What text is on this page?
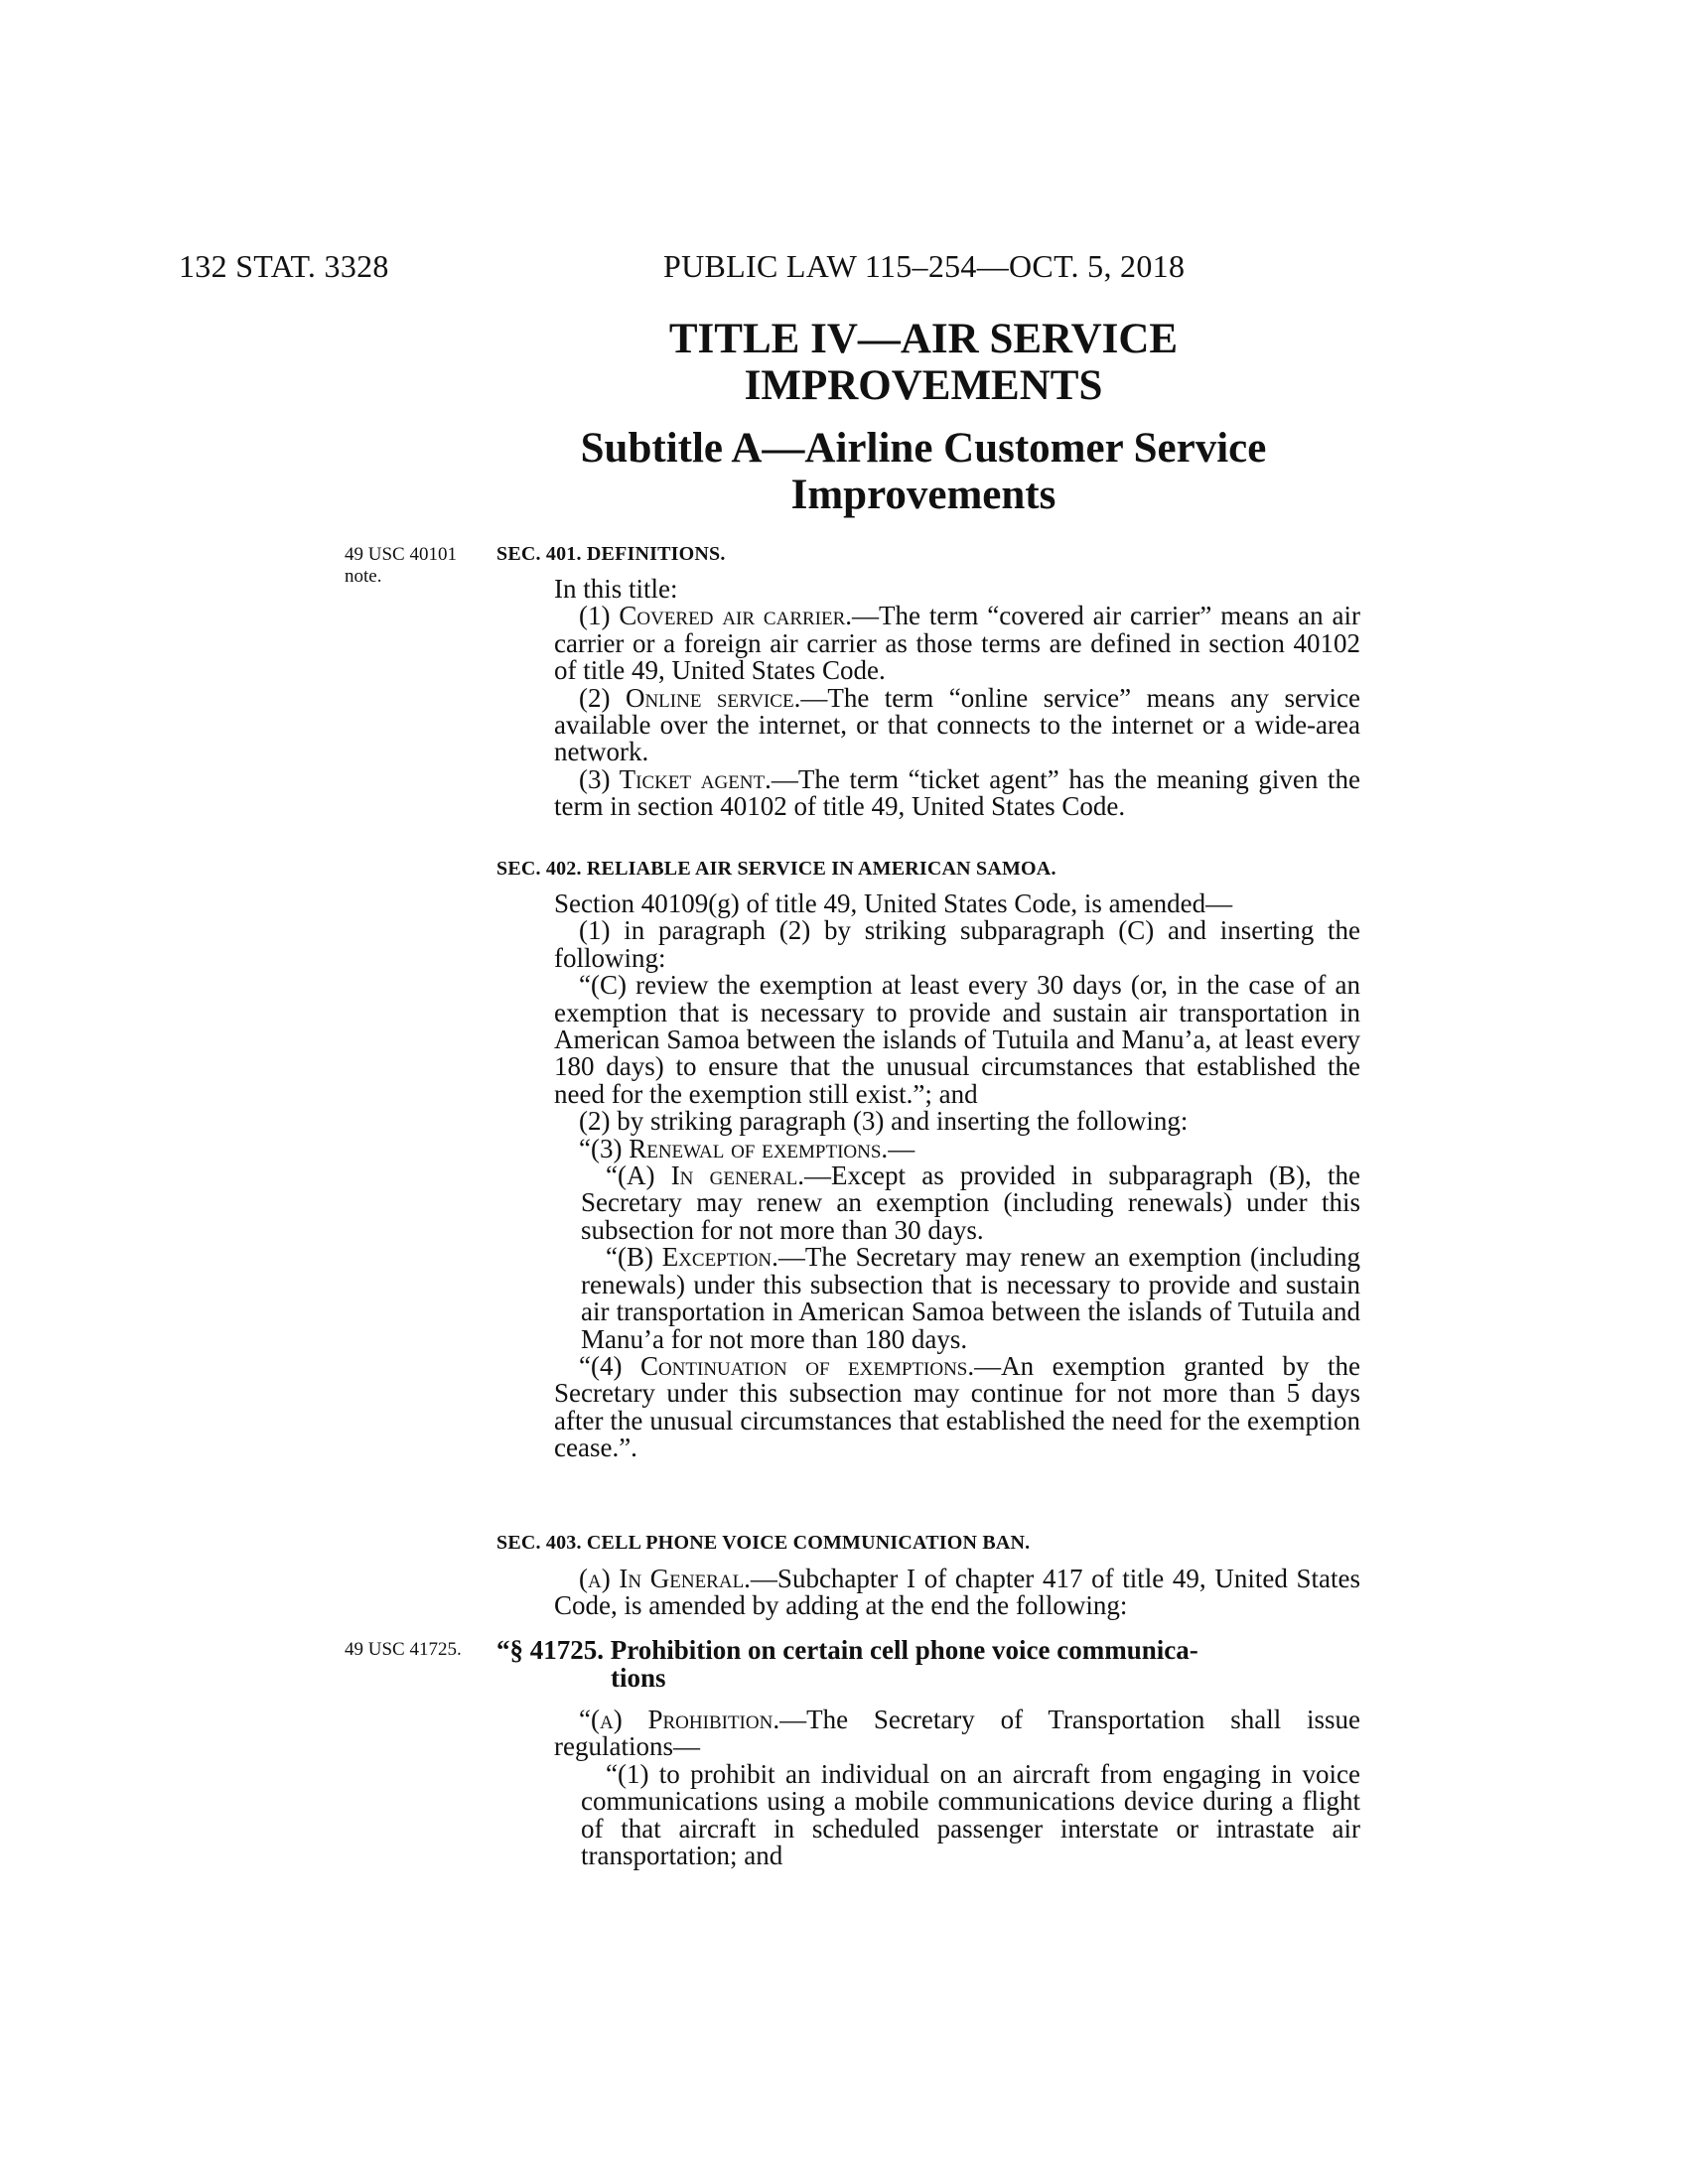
132 STAT. 3328	PUBLIC LAW 115–254—OCT. 5, 2018
TITLE IV—AIR SERVICE
IMPROVEMENTS
Subtitle A—Airline Customer Service
Improvements
49 USC 40101
note.
49 USC 41725.
SEC. 401. DEFINITIONS.

In this title:

(1) Covered air carrier.—The term “covered air carrier” means an air carrier or a foreign air carrier as those terms are defined in section 40102 of title 49, United States Code.

(2) Online service.—The term “online service” means any service available over the internet, or that connects to the internet or a wide-area network.

(3) Ticket agent.—The term “ticket agent” has the meaning given the term in section 40102 of title 49, United States Code.

SEC. 402. RELIABLE AIR SERVICE IN AMERICAN SAMOA.

Section 40109(g) of title 49, United States Code, is amended—

(1) in paragraph (2) by striking subparagraph (C) and inserting the following:

“(C) review the exemption at least every 30 days (or, in the case of an exemption that is necessary to provide and sustain air transportation in American Samoa between the islands of Tutuila and Manu’a, at least every 180 days) to ensure that the unusual circumstances that established the need for the exemption still exist.”; and

(2) by striking paragraph (3) and inserting the following:

“(3) Renewal of exemptions.—

“(A) In general.—Except as provided in subparagraph (B), the Secretary may renew an exemption (including renewals) under this subsection for not more than 30 days.

“(B) Exception.—The Secretary may renew an exemption (including renewals) under this subsection that is necessary to provide and sustain air transportation in American Samoa between the islands of Tutuila and Manu’a for not more than 180 days.

“(4) Continuation of exemptions.—An exemption granted by the Secretary under this subsection may continue for not more than 5 days after the unusual circumstances that established the need for the exemption cease.”.

SEC. 403. CELL PHONE VOICE COMMUNICATION BAN.

(a) In General.—Subchapter I of chapter 417 of title 49, United States Code, is amended by adding at the end the following:

“§ 41725. Prohibition on certain cell phone voice communica-
tions

“(a) Prohibition.—The Secretary of Transportation shall issue regulations—

“(1) to prohibit an individual on an aircraft from engaging in voice communications using a mobile communications device during a flight of that aircraft in scheduled passenger interstate or intrastate air transportation; and
